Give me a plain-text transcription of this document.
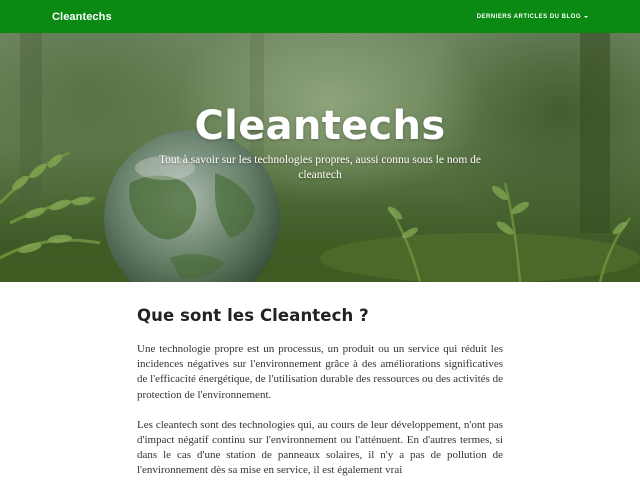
Cleantechs	DERNIERS ARTICLES DU BLOG
Cleantechs

Tout à savoir sur les technologies propres, aussi connu sous le nom de cleantech

Que sont les Cleantech ?

Une technologie propre est un processus, un produit ou un service qui réduit les incidences négatives sur l'environnement grâce à des améliorations significatives de l'efficacité énergétique, de l'utilisation durable des ressources ou des activités de protection de l'environnement.

Les cleantech sont des technologies qui, au cours de leur développement, n'ont pas d'impact négatif continu sur l'environnement ou l'atténuent. En d'autres termes, si dans le cas d'une station de panneaux solaires, il n'y a pas de pollution de l'environnement dès sa mise en service, il est également vrai
